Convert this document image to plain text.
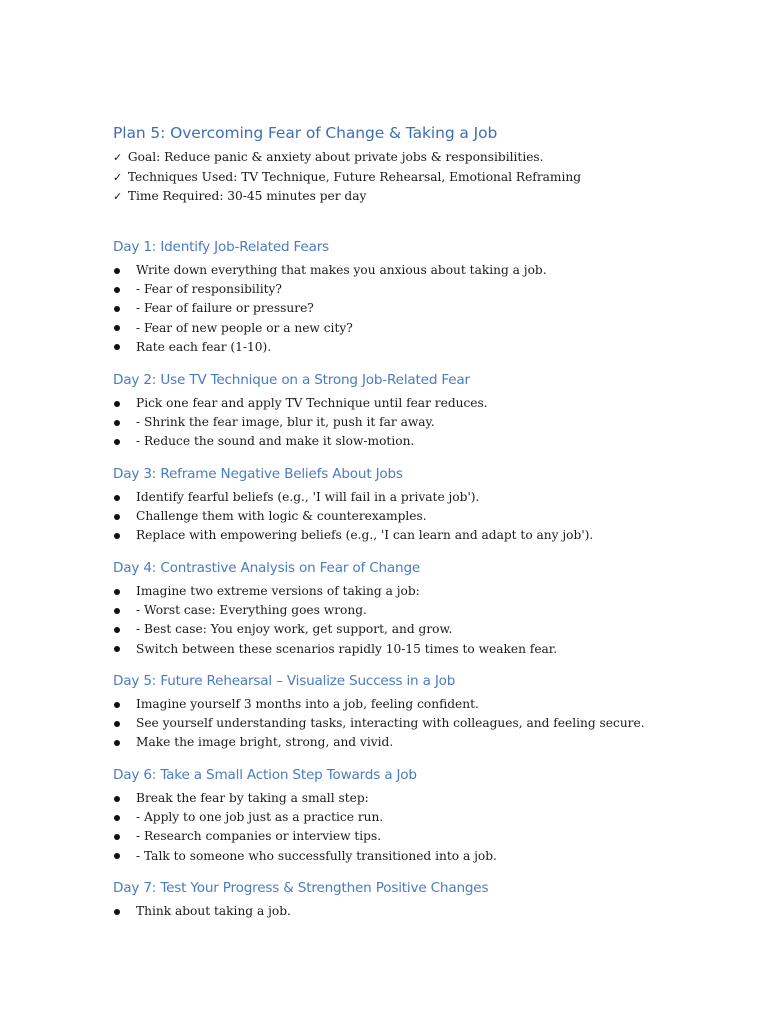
Plan 5: Overcoming Fear of Change & Taking a Job
✓ Goal: Reduce panic & anxiety about private jobs & responsibilities.
✓ Techniques Used: TV Technique, Future Rehearsal, Emotional Reframing
✓ Time Required: 30-45 minutes per day
Day 1: Identify Job-Related Fears
Write down everything that makes you anxious about taking a job.
- Fear of responsibility?
- Fear of failure or pressure?
- Fear of new people or a new city?
Rate each fear (1-10).
Day 2: Use TV Technique on a Strong Job-Related Fear
Pick one fear and apply TV Technique until fear reduces.
- Shrink the fear image, blur it, push it far away.
- Reduce the sound and make it slow-motion.
Day 3: Reframe Negative Beliefs About Jobs
Identify fearful beliefs (e.g., 'I will fail in a private job').
Challenge them with logic & counterexamples.
Replace with empowering beliefs (e.g., 'I can learn and adapt to any job').
Day 4: Contrastive Analysis on Fear of Change
Imagine two extreme versions of taking a job:
- Worst case: Everything goes wrong.
- Best case: You enjoy work, get support, and grow.
Switch between these scenarios rapidly 10-15 times to weaken fear.
Day 5: Future Rehearsal – Visualize Success in a Job
Imagine yourself 3 months into a job, feeling confident.
See yourself understanding tasks, interacting with colleagues, and feeling secure.
Make the image bright, strong, and vivid.
Day 6: Take a Small Action Step Towards a Job
Break the fear by taking a small step:
- Apply to one job just as a practice run.
- Research companies or interview tips.
- Talk to someone who successfully transitioned into a job.
Day 7: Test Your Progress & Strengthen Positive Changes
Think about taking a job.
